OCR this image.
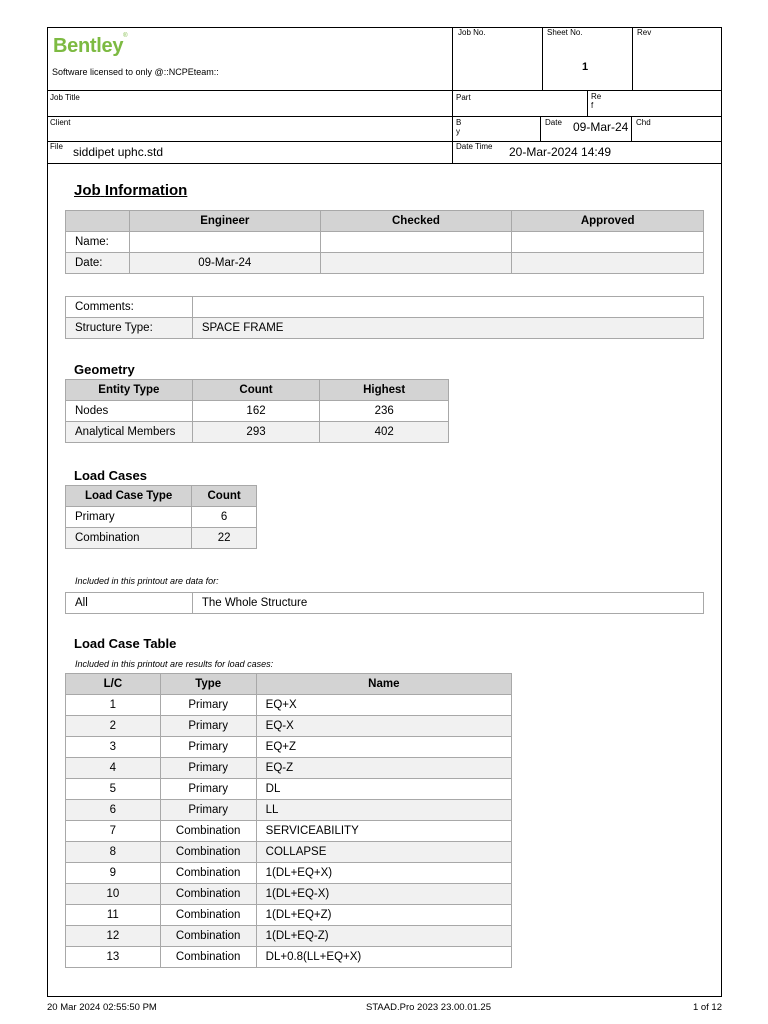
Bentley®
Software licensed to only @::NCPEteam::
Job No.	Sheet No.
1
Rev
Job Title	Part	Re
f
Client	B
y
Date 09-Mar-24 Chd
File siddipet uphc.std	Date Time 20-Mar-2024 14:49
Job Information
	Engineer	Checked	Approved
Name:			
Date:	09-Mar-24		
Comments:	
Structure Type:	SPACE FRAME
Geometry
Entity Type	Count	Highest
Nodes	162	236
Analytical Members	293	402
Load Cases
Load Case Type	Count
Primary	6
Combination	22
Included in this printout are data for:
All	The Whole Structure
Load Case Table
Included in this printout are results for load cases:
L/C	Type	Name
1	Primary	EQ+X
2	Primary	EQ-X
3	Primary	EQ+Z
4	Primary	EQ-Z
5	Primary	DL
6	Primary	LL
7	Combination	SERVICEABILITY
8	Combination	COLLAPSE
9	Combination	1(DL+EQ+X)
10	Combination	1(DL+EQ-X)
11	Combination	1(DL+EQ+Z)
12	Combination	1(DL+EQ-Z)
13	Combination	DL+0.8(LL+EQ+X)
20 Mar 2024 02:55:50 PM	STAAD.Pro 2023 23.00.01.25	1 of 12
